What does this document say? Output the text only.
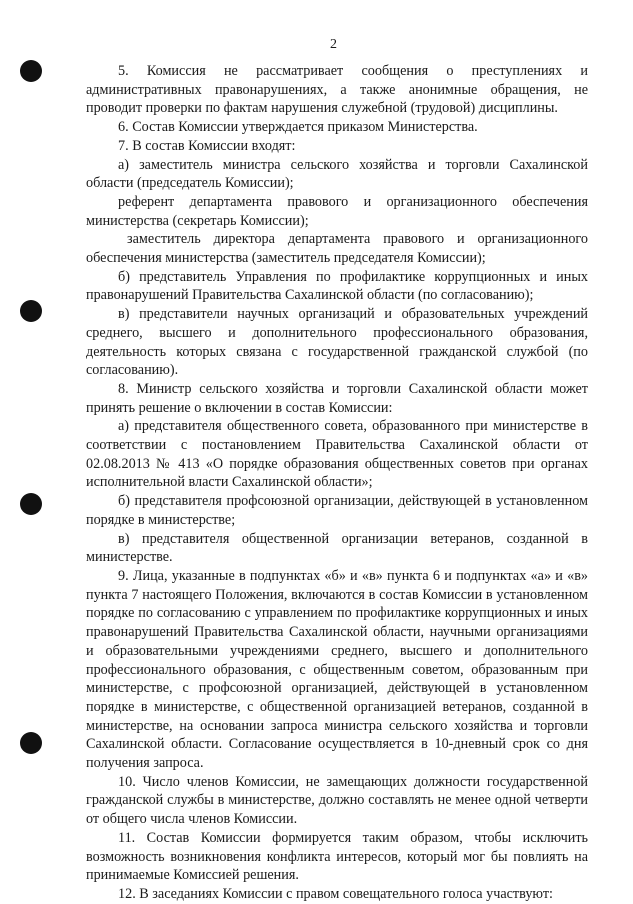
2

5. Комиссия не рассматривает сообщения о преступлениях и административных правонарушениях, а также анонимные обращения, не проводит проверки по фактам нарушения служебной (трудовой) дисциплины.

6. Состав Комиссии утверждается приказом Министерства.

7. В состав Комиссии входят:

а) заместитель министра сельского хозяйства и торговли Сахалинской области (председатель Комиссии);

референт департамента правового и организационного обеспечения министерства (секретарь Комиссии);

заместитель директора департамента правового и организационного обеспечения министерства (заместитель председателя Комиссии);

б) представитель Управления по профилактике коррупционных и иных правонарушений Правительства Сахалинской области (по согласованию);

в) представители научных организаций и образовательных учреждений среднего, высшего и дополнительного профессионального образования, деятельность которых связана с государственной гражданской службой (по согласованию).

8. Министр сельского хозяйства и торговли Сахалинской области может принять решение о включении в состав Комиссии:

а) представителя общественного совета, образованного при министерстве в соответствии с постановлением Правительства Сахалинской области от 02.08.2013 № 413 «О порядке образования общественных советов при органах исполнительной власти Сахалинской области»;

б) представителя профсоюзной организации, действующей в установленном порядке в министерстве;

в) представителя общественной организации ветеранов, созданной в министерстве.

9. Лица, указанные в подпунктах «б» и «в» пункта 6 и подпунктах «а» и «в» пункта 7 настоящего Положения, включаются в состав Комиссии в установленном порядке по согласованию с управлением по профилактике коррупционных и иных правонарушений Правительства Сахалинской области, научными организациями и образовательными учреждениями среднего, высшего и дополнительного профессионального образования, с общественным советом, образованным при министерстве, с профсоюзной организацией, действующей в установленном порядке в министерстве, с общественной организацией ветеранов, созданной в министерстве, на основании запроса министра сельского хозяйства и торговли Сахалинской области. Согласование осуществляется в 10-дневный срок со дня получения запроса.

10. Число членов Комиссии, не замещающих должности государственной гражданской службы в министерстве, должно составлять не менее одной четверти от общего числа членов Комиссии.

11. Состав Комиссии формируется таким образом, чтобы исключить возможность возникновения конфликта интересов, который мог бы повлиять на принимаемые Комиссией решения.

12. В заседаниях Комиссии с правом совещательного голоса участвуют:
